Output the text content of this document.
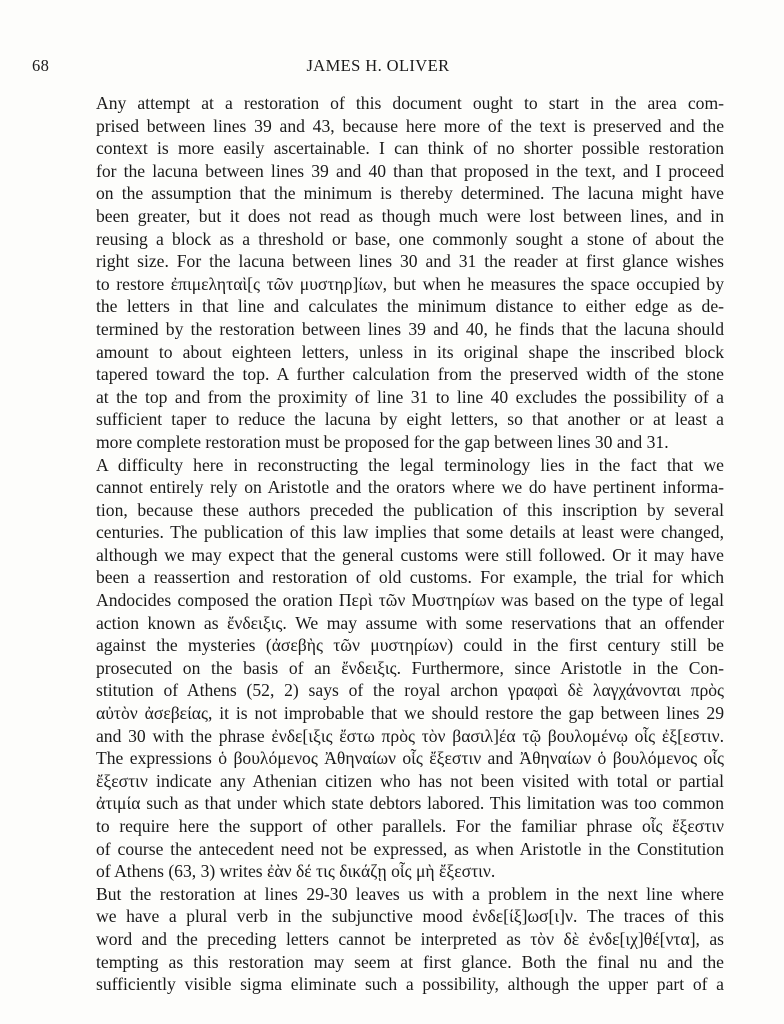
68	JAMES H. OLIVER
Any attempt at a restoration of this document ought to start in the area com-
prised between lines 39 and 43, because here more of the text is preserved and the
context is more easily ascertainable. I can think of no shorter possible restoration
for the lacuna between lines 39 and 40 than that proposed in the text, and I proceed
on the assumption that the minimum is thereby determined. The lacuna might have
been greater, but it does not read as though much were lost between lines, and in
reusing a block as a threshold or base, one commonly sought a stone of about the
right size. For the lacuna between lines 30 and 31 the reader at first glance wishes
to restore ἐπιμεληταὶ[ς τῶν μυστηρ]ίων, but when he measures the space occupied by
the letters in that line and calculates the minimum distance to either edge as de-
termined by the restoration between lines 39 and 40, he finds that the lacuna should
amount to about eighteen letters, unless in its original shape the inscribed block
tapered toward the top. A further calculation from the preserved width of the stone
at the top and from the proximity of line 31 to line 40 excludes the possibility of a
sufficient taper to reduce the lacuna by eight letters, so that another or at least a
more complete restoration must be proposed for the gap between lines 30 and 31.
A difficulty here in reconstructing the legal terminology lies in the fact that we
cannot entirely rely on Aristotle and the orators where we do have pertinent informa-
tion, because these authors preceded the publication of this inscription by several
centuries. The publication of this law implies that some details at least were changed,
although we may expect that the general customs were still followed. Or it may have
been a reassertion and restoration of old customs. For example, the trial for which
Andocides composed the oration Περὶ τῶν Μυστηρίων was based on the type of legal
action known as ἔνδειξις. We may assume with some reservations that an offender
against the mysteries (ἀσεβὴς τῶν μυστηρίων) could in the first century still be
prosecuted on the basis of an ἔνδειξις. Furthermore, since Aristotle in the Con-
stitution of Athens (52, 2) says of the royal archon γραφαὶ δὲ λαγχάνονται πρὸς
αὐτὸν ἀσεβείας, it is not improbable that we should restore the gap between lines 29
and 30 with the phrase ἐνδε[ιξις ἔστω πρὸς τὸν βασιλ]έα τῷ βουλομένῳ οἷς ἐξ[εστιν.
The expressions ὁ βουλόμενος Ἀθηναίων οἷς ἔξεστιν and Ἀθηναίων ὁ βουλόμενος οἷς
ἔξεστιν indicate any Athenian citizen who has not been visited with total or partial
ἀτιμία such as that under which state debtors labored. This limitation was too common
to require here the support of other parallels. For the familiar phrase οἷς ἔξεστιν
of course the antecedent need not be expressed, as when Aristotle in the Constitution
of Athens (63, 3) writes ἐὰν δέ τις δικάζῃ οἷς μὴ ἔξεστιν.
But the restoration at lines 29-30 leaves us with a problem in the next line where
we have a plural verb in the subjunctive mood ἐνδε[ίξ]ωσ[ι]ν. The traces of this
word and the preceding letters cannot be interpreted as τὸν δὲ ἐνδε[ιχ]θέ[ντα], as
tempting as this restoration may seem at first glance. Both the final nu and the
sufficiently visible sigma eliminate such a possibility, although the upper part of a
